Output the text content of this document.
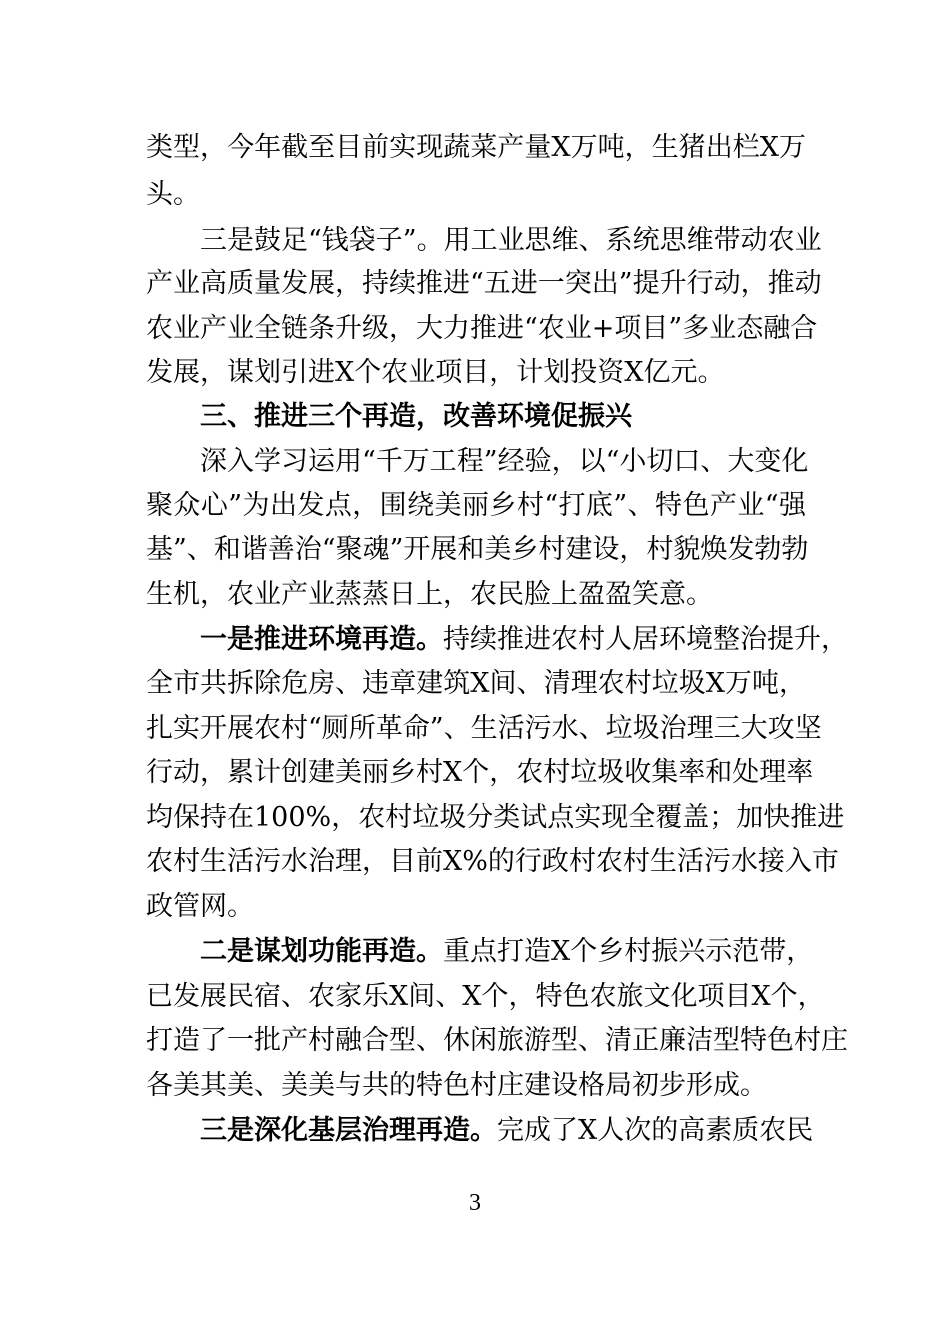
类型，今年截至目前实现蔬菜产量X万吨，生猪出栏X万
头。
三是鼓足“钱袋子”。用工业思维、系统思维带动农业
产业高质量发展，持续推进“五进一突出”提升行动，推动
农业产业全链条升级，大力推进“农业+项目”多业态融合
发展，谋划引进X个农业项目，计划投资X亿元。
三、推进三个再造，改善环境促振兴
深入学习运用“千万工程”经验，以“小切口、大变化
聚众心”为出发点，围绕美丽乡村“打底”、特色产业“强
基”、和谐善治“聚魂”开展和美乡村建设，村貌焕发勃勃
生机，农业产业蒸蒸日上，农民脸上盈盈笑意。
一是推进环境再造。持续推进农村人居环境整治提升，
全市共拆除危房、违章建筑X间、清理农村垃圾X万吨，
扎实开展农村“厕所革命”、生活污水、垃圾治理三大攻坚
行动，累计创建美丽乡村X个，农村垃圾收集率和处理率
均保持在100%，农村垃圾分类试点实现全覆盖；加快推进
农村生活污水治理，目前X%的行政村农村生活污水接入市
政管网。
二是谋划功能再造。重点打造X个乡村振兴示范带，
已发展民宿、农家乐X间、X个，特色农旅文化项目X个，
打造了一批产村融合型、休闲旅游型、清正廉洁型特色村庄
各美其美、美美与共的特色村庄建设格局初步形成。
三是深化基层治理再造。完成了X人次的高素质农民
3
